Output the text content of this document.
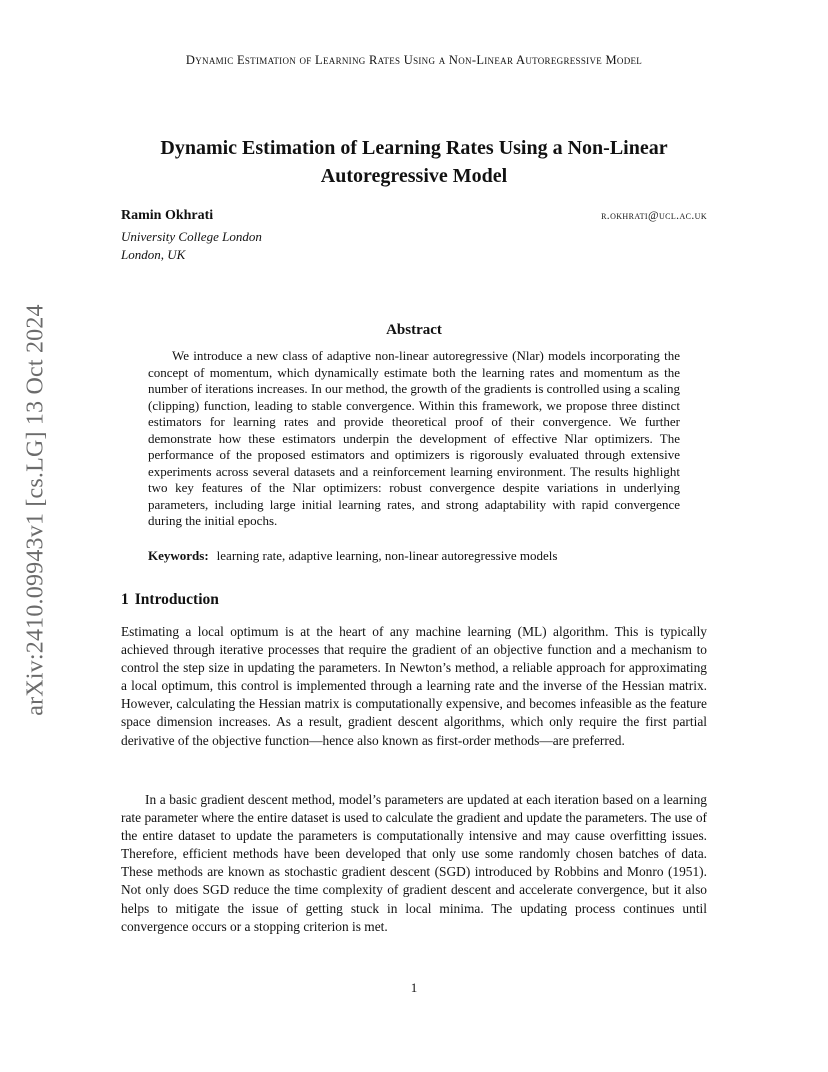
Dynamic Estimation of Learning Rates Using a Non-Linear Autoregressive Model
Dynamic Estimation of Learning Rates Using a Non-Linear
Autoregressive Model
Ramin Okhrati	r.okhrati@ucl.ac.uk
University College London
London, UK
arXiv:2410.09943v1 [cs.LG] 13 Oct 2024	Abstract

We introduce a new class of adaptive non-linear autoregressive (Nlar) models incorporating the concept of momentum, which dynamically estimate both the learning rates and momentum as the number of iterations increases. In our method, the growth of the gradients is controlled using a scaling (clipping) function, leading to stable convergence. Within this framework, we propose three distinct estimators for learning rates and provide theoretical proof of their convergence. We further demonstrate how these estimators underpin the development of effective Nlar optimizers. The performance of the proposed estimators and optimizers is rigorously evaluated through extensive experiments across several datasets and a reinforcement learning environment. The results highlight two key features of the Nlar optimizers: robust convergence despite variations in underlying parameters, including large initial learning rates, and strong adaptability with rapid convergence during the initial epochs.

Keywords: learning rate, adaptive learning, non-linear autoregressive models
1 Introduction

Estimating a local optimum is at the heart of any machine learning (ML) algorithm. This is typically achieved through iterative processes that require the gradient of an objective function and a mechanism to control the step size in updating the parameters. In Newton’s method, a reliable approach for approximating a local optimum, this control is implemented through a learning rate and the inverse of the Hessian matrix. However, calculating the Hessian matrix is computationally expensive, and becomes infeasible as the feature space dimension increases. As a result, gradient descent algorithms, which only require the first partial derivative of the objective function—hence also known as first-order methods—are preferred.

In a basic gradient descent method, model’s parameters are updated at each iteration based on a learning rate parameter where the entire dataset is used to calculate the gradient and update the parameters. The use of the entire dataset to update the parameters is computationally intensive and may cause overfitting issues. Therefore, efficient methods have been developed that only use some randomly chosen batches of data. These methods are known as stochastic gradient descent (SGD) introduced by Robbins and Monro (1951). Not only does SGD reduce the time complexity of gradient descent and accelerate convergence, but it also helps to mitigate the issue of getting stuck in local minima. The updating process continues until convergence occurs or a stopping criterion is met.

1
